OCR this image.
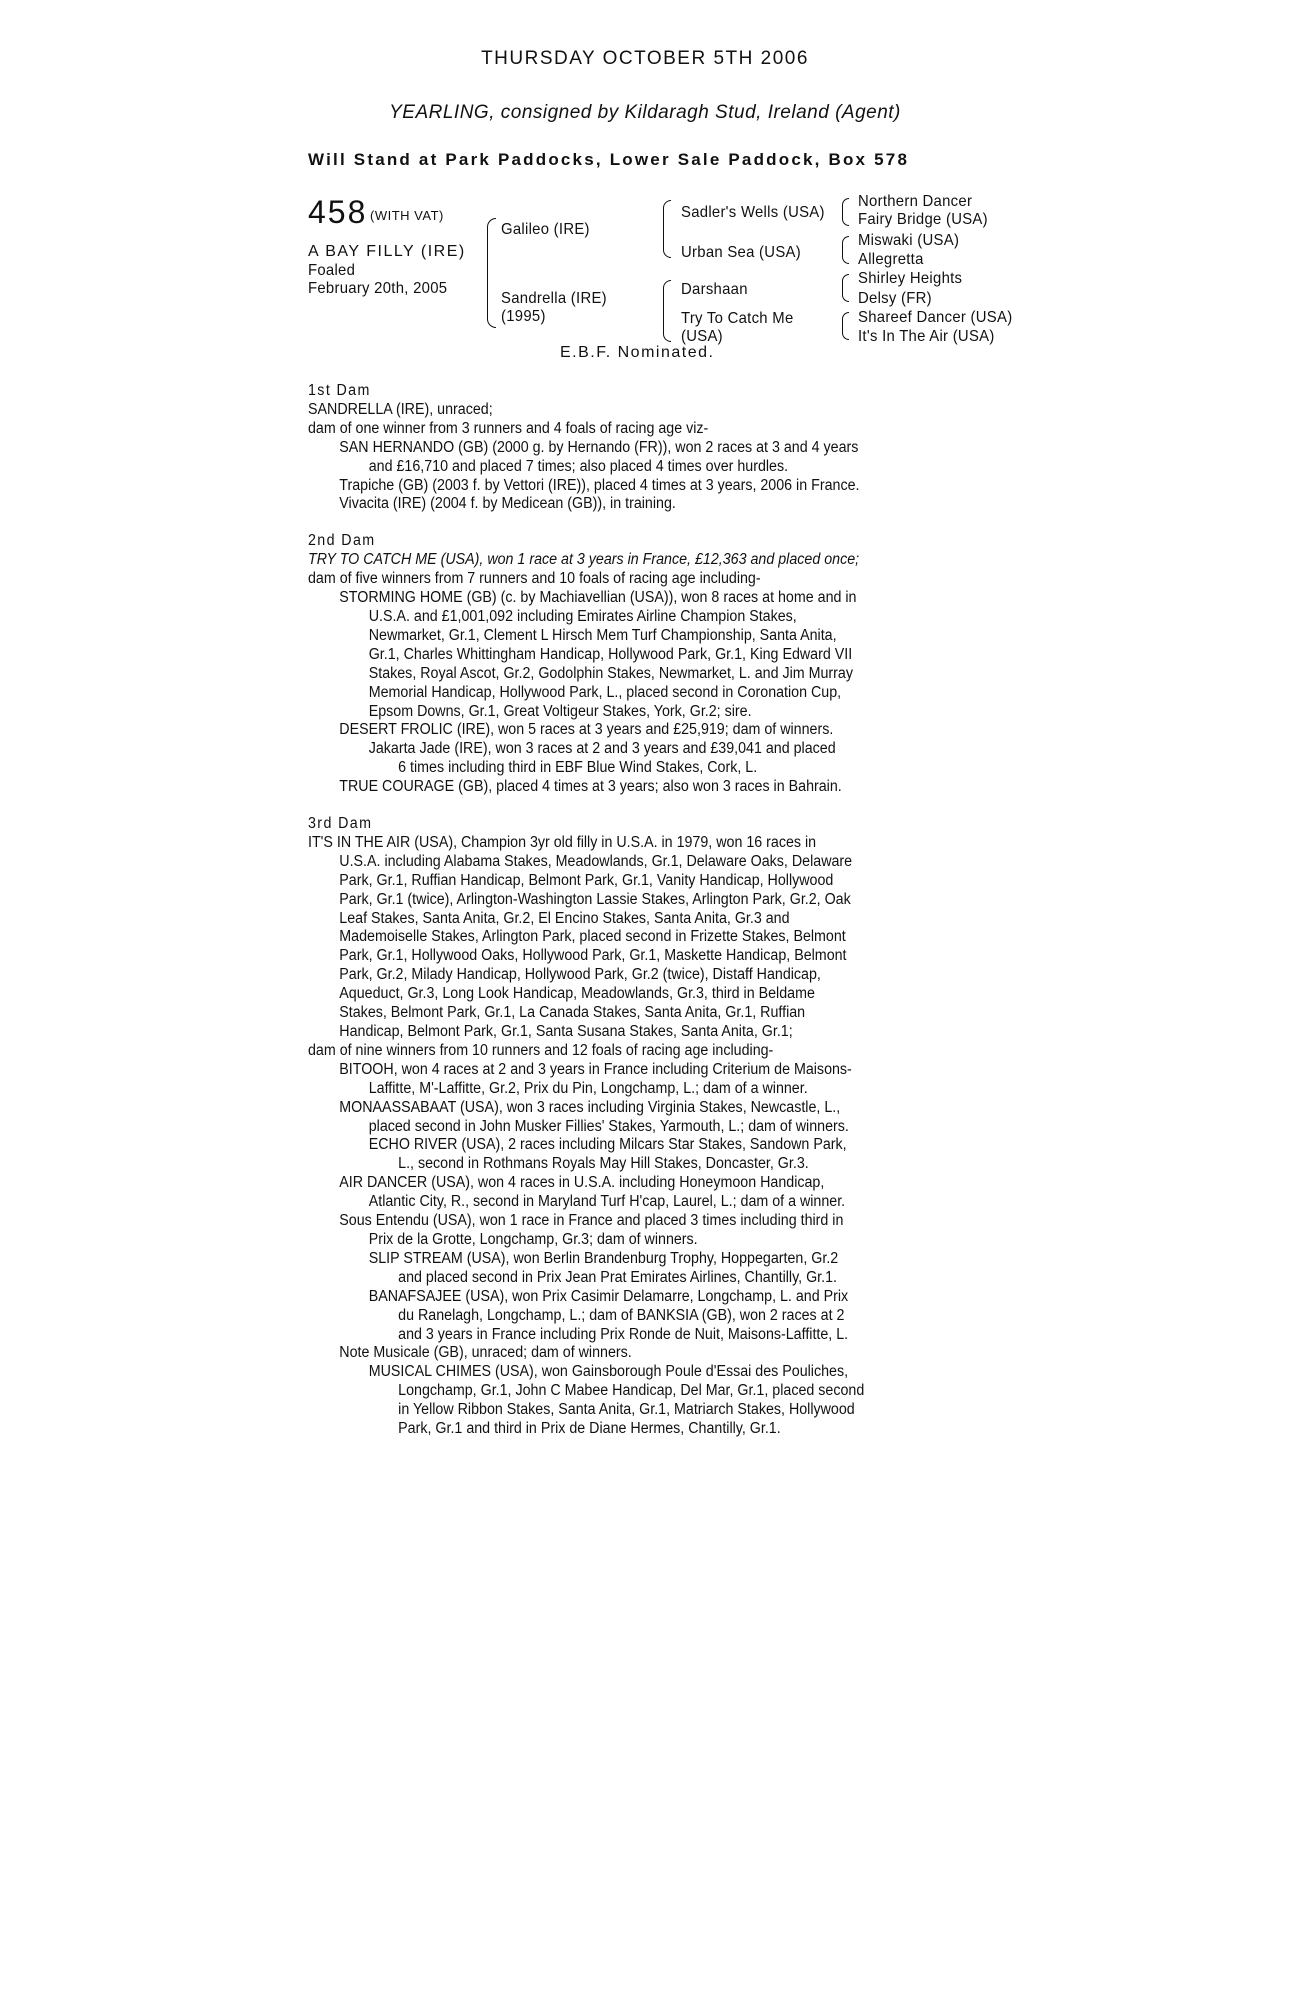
THURSDAY OCTOBER 5TH 2006
YEARLING, consigned by Kildaragh Stud, Ireland (Agent)
Will Stand at Park Paddocks, Lower Sale Paddock, Box 578
458 (WITH VAT)
A BAY FILLY (IRE)
Foaled
February 20th, 2005
Galileo (IRE)
Sandrella (IRE)
(1995)
Sadler's Wells (USA)
Urban Sea (USA)
Darshaan
Try To Catch Me
(USA)
Northern Dancer
Fairy Bridge (USA)
Miswaki (USA)
Allegretta
Shirley Heights
Delsy (FR)
Shareef Dancer (USA)
It's In The Air (USA)
E.B.F. Nominated.

1st Dam

SANDRELLA (IRE), unraced;

dam of one winner from 3 runners and 4 foals of racing age viz-

SAN HERNANDO (GB) (2000 g. by Hernando (FR)), won 2 races at 3 and 4 years

and £16,710 and placed 7 times; also placed 4 times over hurdles.

Trapiche (GB) (2003 f. by Vettori (IRE)), placed 4 times at 3 years, 2006 in France.

Vivacita (IRE) (2004 f. by Medicean (GB)), in training.

2nd Dam

TRY TO CATCH ME (USA), won 1 race at 3 years in France, £12,363 and placed once;

dam of five winners from 7 runners and 10 foals of racing age including-

STORMING HOME (GB) (c. by Machiavellian (USA)), won 8 races at home and in

U.S.A. and £1,001,092 including Emirates Airline Champion Stakes,

Newmarket, Gr.1, Clement L Hirsch Mem Turf Championship, Santa Anita,

Gr.1, Charles Whittingham Handicap, Hollywood Park, Gr.1, King Edward VII

Stakes, Royal Ascot, Gr.2, Godolphin Stakes, Newmarket, L. and Jim Murray

Memorial Handicap, Hollywood Park, L., placed second in Coronation Cup,

Epsom Downs, Gr.1, Great Voltigeur Stakes, York, Gr.2; sire.

DESERT FROLIC (IRE), won 5 races at 3 years and £25,919; dam of winners.

Jakarta Jade (IRE), won 3 races at 2 and 3 years and £39,041 and placed

6 times including third in EBF Blue Wind Stakes, Cork, L.

TRUE COURAGE (GB), placed 4 times at 3 years; also won 3 races in Bahrain.

3rd Dam

IT'S IN THE AIR (USA), Champion 3yr old filly in U.S.A. in 1979, won 16 races in

U.S.A. including Alabama Stakes, Meadowlands, Gr.1, Delaware Oaks, Delaware

Park, Gr.1, Ruffian Handicap, Belmont Park, Gr.1, Vanity Handicap, Hollywood

Park, Gr.1 (twice), Arlington-Washington Lassie Stakes, Arlington Park, Gr.2, Oak

Leaf Stakes, Santa Anita, Gr.2, El Encino Stakes, Santa Anita, Gr.3 and

Mademoiselle Stakes, Arlington Park, placed second in Frizette Stakes, Belmont

Park, Gr.1, Hollywood Oaks, Hollywood Park, Gr.1, Maskette Handicap, Belmont

Park, Gr.2, Milady Handicap, Hollywood Park, Gr.2 (twice), Distaff Handicap,

Aqueduct, Gr.3, Long Look Handicap, Meadowlands, Gr.3, third in Beldame

Stakes, Belmont Park, Gr.1, La Canada Stakes, Santa Anita, Gr.1, Ruffian

Handicap, Belmont Park, Gr.1, Santa Susana Stakes, Santa Anita, Gr.1;

dam of nine winners from 10 runners and 12 foals of racing age including-

BITOOH, won 4 races at 2 and 3 years in France including Criterium de Maisons-

Laffitte, M'-Laffitte, Gr.2, Prix du Pin, Longchamp, L.; dam of a winner.

MONAASSABAAT (USA), won 3 races including Virginia Stakes, Newcastle, L.,

placed second in John Musker Fillies' Stakes, Yarmouth, L.; dam of winners.

ECHO RIVER (USA), 2 races including Milcars Star Stakes, Sandown Park,

L., second in Rothmans Royals May Hill Stakes, Doncaster, Gr.3.

AIR DANCER (USA), won 4 races in U.S.A. including Honeymoon Handicap,

Atlantic City, R., second in Maryland Turf H'cap, Laurel, L.; dam of a winner.

Sous Entendu (USA), won 1 race in France and placed 3 times including third in

Prix de la Grotte, Longchamp, Gr.3; dam of winners.

SLIP STREAM (USA), won Berlin Brandenburg Trophy, Hoppegarten, Gr.2

and placed second in Prix Jean Prat Emirates Airlines, Chantilly, Gr.1.

BANAFSAJEE (USA), won Prix Casimir Delamarre, Longchamp, L. and Prix

du Ranelagh, Longchamp, L.; dam of BANKSIA (GB), won 2 races at 2

and 3 years in France including Prix Ronde de Nuit, Maisons-Laffitte, L.

Note Musicale (GB), unraced; dam of winners.

MUSICAL CHIMES (USA), won Gainsborough Poule d'Essai des Pouliches,

Longchamp, Gr.1, John C Mabee Handicap, Del Mar, Gr.1, placed second

in Yellow Ribbon Stakes, Santa Anita, Gr.1, Matriarch Stakes, Hollywood

Park, Gr.1 and third in Prix de Diane Hermes, Chantilly, Gr.1.
